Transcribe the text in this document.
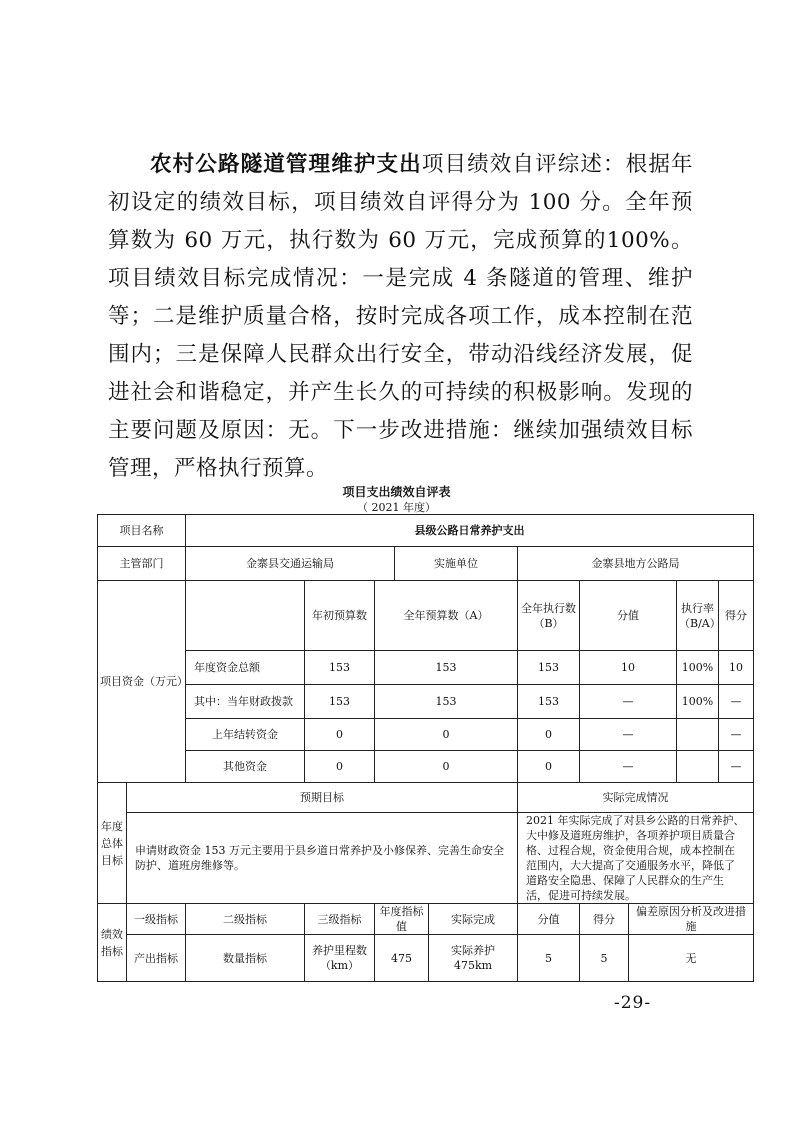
农村公路隧道管理维护支出项目绩效自评综述：根据年初设定的绩效目标，项目绩效自评得分为 100 分。全年预算数为 60 万元，执行数为 60 万元，完成预算的100%。项目绩效目标完成情况：一是完成 4 条隧道的管理、维护等；二是维护质量合格，按时完成各项工作，成本控制在范围内；三是保障人民群众出行安全，带动沿线经济发展，促进社会和谐稳定，并产生长久的可持续的积极影响。发现的主要问题及原因：无。下一步改进措施：继续加强绩效目标管理，严格执行预算。
项目支出绩效自评表
（ 2021 年度）
项目名称		县级公路日常养护支出									
主管部门		金寨县交通运输局			实施单位		金寨县地方公路局				
项目资金（万元）			年初预算数	全年预算数（A）			全年执行数（B）	分值		执行率（B/A）	得分
		年度资金总额	153	153			153	10		100%	10
		其中：当年财政拨款	153	153			153	—		100%	—
		上年结转资金	0	0			0	—			—
		其他资金	0	0			0	—			—
年度总体目标	预期目标						实际完成情况				
	申请财政资金 153 万元主要用于县乡道日常养护及小修保养、完善生命安全防护、道班房维修等。						2021 年实际完成了对县乡公路的日常养护、大中修及道班房维护，各项养护项目质量合格、过程合规，资金使用合规，成本控制在范围内，大大提高了交通服务水平，降低了道路安全隐患、保障了人民群众的生产生活，促进可持续发展。				
绩效指标	一级指标	二级指标	三级指标	年度指标值		实际完成	分值	得分	偏差原因分析及改进措施		
	产出指标	数量指标	养护里程数（km）	475		实际养护 475km	5	5	无		
-29-
